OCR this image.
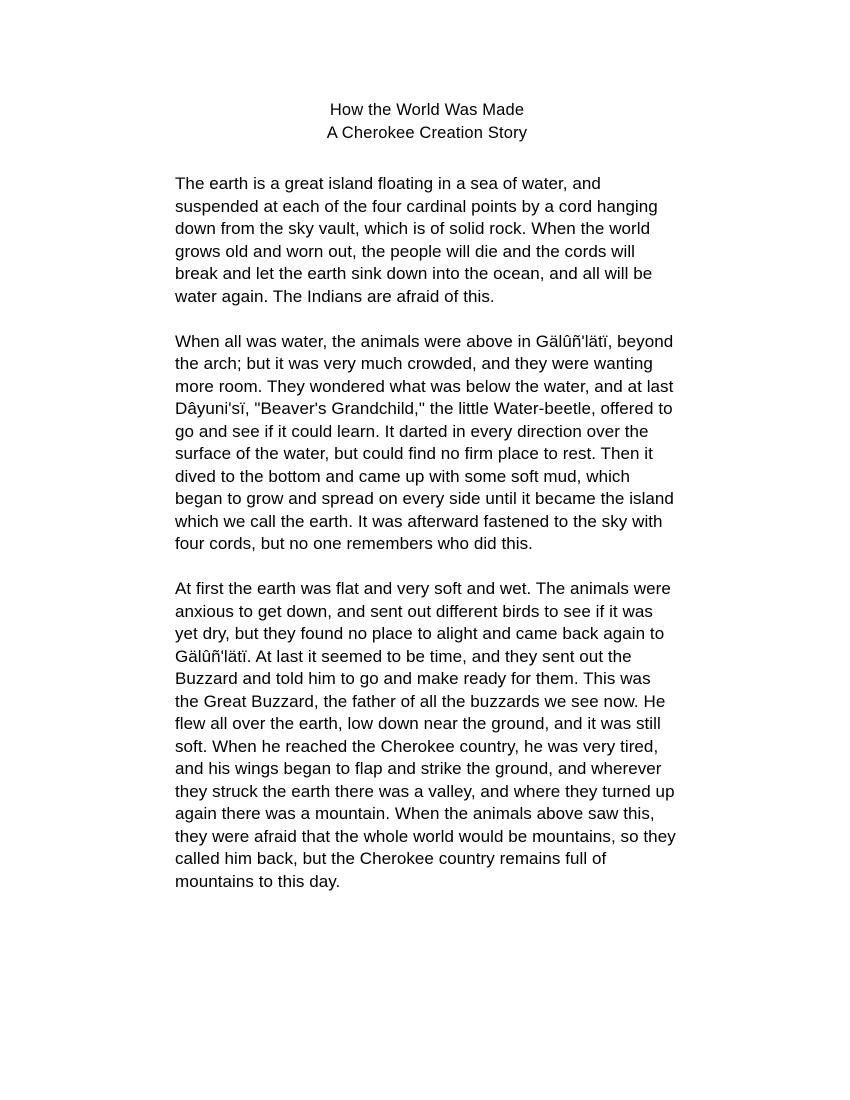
How the World Was Made
A Cherokee Creation Story

The earth is a great island floating in a sea of water, and suspended at each of the four cardinal points by a cord hanging down from the sky vault, which is of solid rock. When the world grows old and worn out, the people will die and the cords will break and let the earth sink down into the ocean, and all will be water again. The Indians are afraid of this.

When all was water, the animals were above in Gälûñ'lätï, beyond the arch; but it was very much crowded, and they were wanting more room. They wondered what was below the water, and at last Dâyuni'sï, "Beaver's Grandchild," the little Water-beetle, offered to go and see if it could learn. It darted in every direction over the surface of the water, but could find no firm place to rest. Then it dived to the bottom and came up with some soft mud, which began to grow and spread on every side until it became the island which we call the earth. It was afterward fastened to the sky with four cords, but no one remembers who did this.

At first the earth was flat and very soft and wet. The animals were anxious to get down, and sent out different birds to see if it was yet dry, but they found no place to alight and came back again to Gälûñ'lätï. At last it seemed to be time, and they sent out the Buzzard and told him to go and make ready for them. This was the Great Buzzard, the father of all the buzzards we see now. He flew all over the earth, low down near the ground, and it was still soft. When he reached the Cherokee country, he was very tired, and his wings began to flap and strike the ground, and wherever they struck the earth there was a valley, and where they turned up again there was a mountain. When the animals above saw this, they were afraid that the whole world would be mountains, so they called him back, but the Cherokee country remains full of mountains to this day.
